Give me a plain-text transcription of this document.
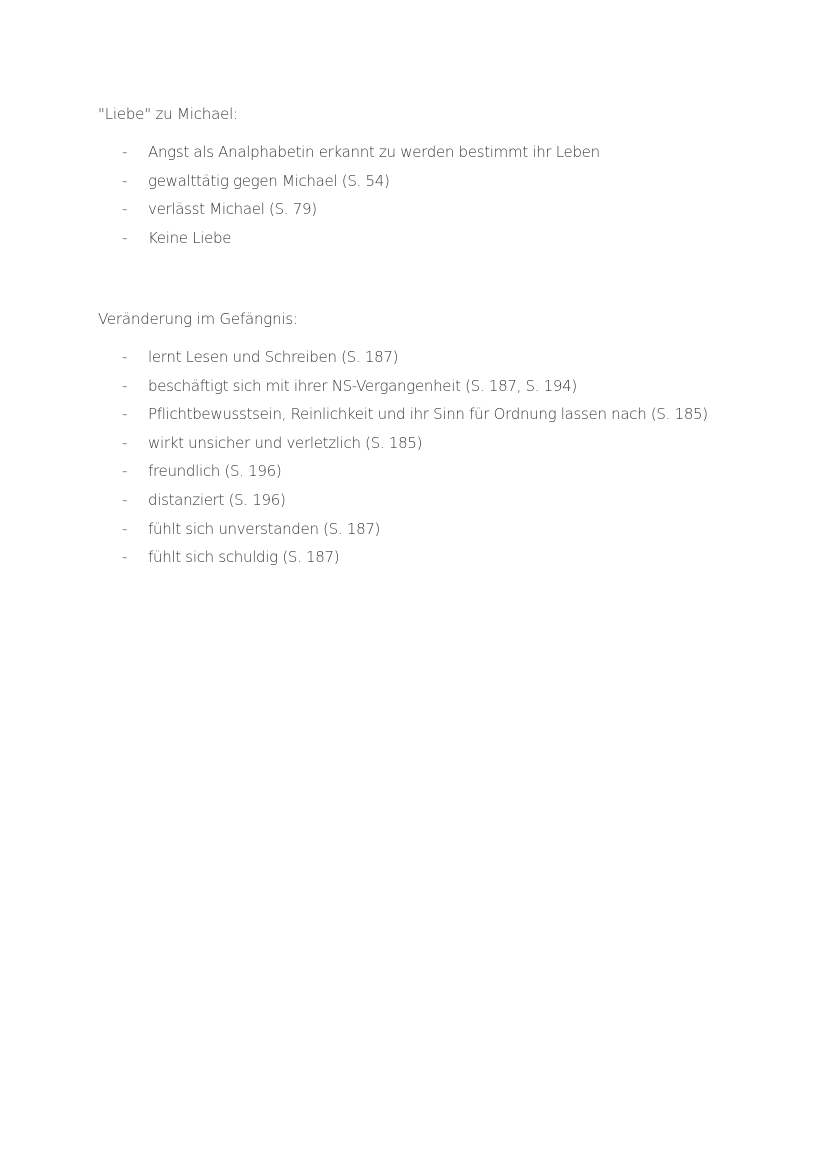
"Liebe" zu Michael:

-	Angst als Analphabetin erkannt zu werden bestimmt ihr Leben
-	gewalttätig gegen Michael (S. 54)
-	verlässt Michael (S. 79)
-	Keine Liebe

Veränderung im Gefängnis:

-	lernt Lesen und Schreiben (S. 187)
-	beschäftigt sich mit ihrer NS-Vergangenheit (S. 187, S. 194)
-	Pflichtbewusstsein, Reinlichkeit und ihr Sinn für Ordnung lassen nach (S. 185)
-	wirkt unsicher und verletzlich (S. 185)
-	freundlich (S. 196)
-	distanziert (S. 196)
-	fühlt sich unverstanden (S. 187)
-	fühlt sich schuldig (S. 187)
